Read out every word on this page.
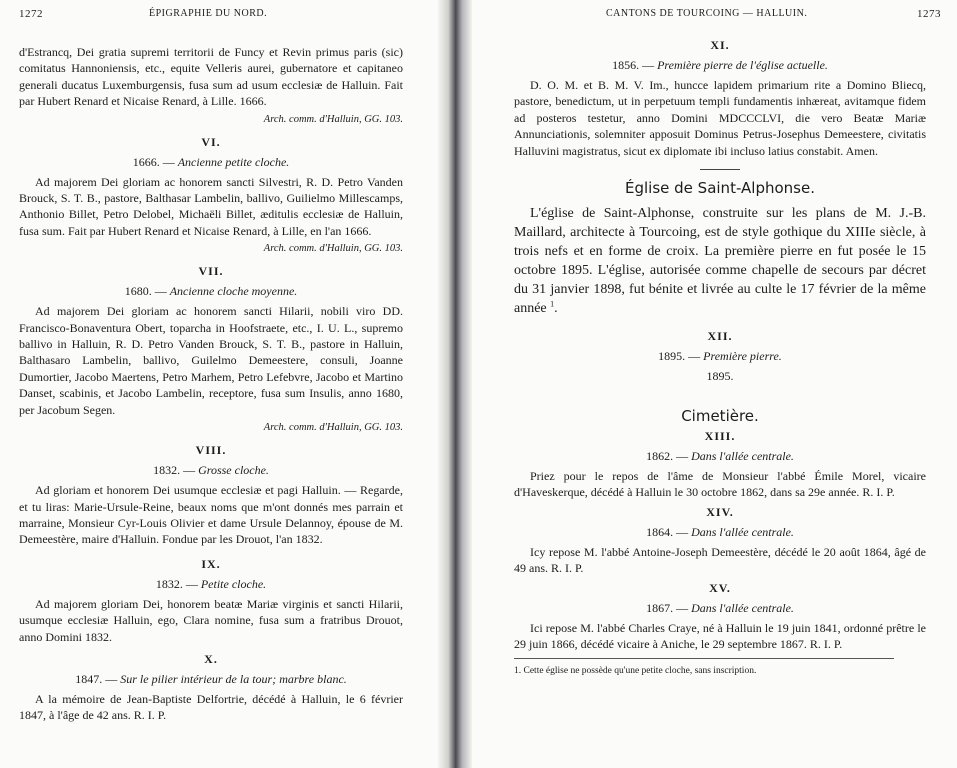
1272	ÉPIGRAPHIE DU NORD.

d'Estrancq, Dei gratia supremi territorii de Funcy et Revin primus paris (sic) comitatus Hannoniensis, etc., equite Velleris aurei, gubernatore et capitaneo generali ducatus Luxemburgensis, fusa sum ad usum ecclesiæ de Halluin. Fait par Hubert Renard et Nicaise Renard, à Lille. 1666.

Arch. comm. d'Halluin, GG. 103.
VI.
1666. — Ancienne petite cloche.

Ad majorem Dei gloriam ac honorem sancti Silvestri, R. D. Petro Vanden Brouck, S. T. B., pastore, Balthasar Lambelin, ballivo, Guilielmo Millescamps, Anthonio Billet, Petro Delobel, Michaëli Billet, æditulis ecclesiæ de Halluin, fusa sum. Fait par Hubert Renard et Nicaise Renard, à Lille, en l'an 1666.

Arch. comm. d'Halluin, GG. 103.
VII.
1680. — Ancienne cloche moyenne.

Ad majorem Dei gloriam ac honorem sancti Hilarii, nobili viro DD. Francisco-Bonaventura Obert, toparcha in Hoofstraete, etc., I. U. L., supremo ballivo in Halluin, R. D. Petro Vanden Brouck, S. T. B., pastore in Halluin, Balthasaro Lambelin, ballivo, Guilelmo Demeestere, consuli, Joanne Dumortier, Jacobo Maertens, Petro Marhem, Petro Lefebvre, Jacobo et Martino Danset, scabinis, et Jacobo Lambelin, receptore, fusa sum Insulis, anno 1680, per Jacobum Segen.

Arch. comm. d'Halluin, GG. 103.
VIII.
1832. — Grosse cloche.

Ad gloriam et honorem Dei usumque ecclesiæ et pagi Halluin. — Regarde, et tu liras: Marie-Ursule-Reine, beaux noms que m'ont donnés mes parrain et marraine, Monsieur Cyr-Louis Olivier et dame Ursule Delannoy, épouse de M. Demeestère, maire d'Halluin. Fondue par les Drouot, l'an 1832.

IX.
1832. — Petite cloche.

Ad majorem gloriam Dei, honorem beatæ Mariæ virginis et sancti Hilarii, usumque ecclesiæ Halluin, ego, Clara nomine, fusa sum a fratribus Drouot, anno Domini 1832.

X.
1847. — Sur le pilier intérieur de la tour; marbre blanc.

A la mémoire de Jean-Baptiste Delfortrie, décédé à Halluin, le 6 février 1847, à l'âge de 42 ans. R. I. P.

CANTONS DE TOURCOING — HALLUIN.	1273
XI.
1856. — Première pierre de l'église actuelle.

D. O. M. et B. M. V. Im., huncce lapidem primarium rite a Domino Bliecq, pastore, benedictum, ut in perpetuum templi fundamentis inhæreat, avitamque fidem ad posteros testetur, anno Domini MDCCCLVI, die vero Beatæ Mariæ Annunciationis, solemniter apposuit Dominus Petrus-Josephus Demeestere, civitatis Halluvini magistratus, sicut ex diplomate ibi incluso latius constabit. Amen.

Église de Saint-Alphonse.

L'église de Saint-Alphonse, construite sur les plans de M. J.-B. Maillard, architecte à Tourcoing, est de style gothique du XIIIe siècle, à trois nefs et en forme de croix. La première pierre en fut posée le 15 octobre 1895. L'église, autorisée comme chapelle de secours par décret du 31 janvier 1898, fut bénite et livrée au culte le 17 février de la même année $^1$.

XII.
1895. — Première pierre.
1895.
Cimetière.
XIII.
1862. — Dans l'allée centrale.

Priez pour le repos de l'âme de Monsieur l'abbé Émile Morel, vicaire d'Haveskerque, décédé à Halluin le 30 octobre 1862, dans sa 29e année. R. I. P.

XIV.
1864. — Dans l'allée centrale.

Icy repose M. l'abbé Antoine-Joseph Demeestère, décédé le 20 août 1864, âgé de 49 ans. R. I. P.

XV.
1867. — Dans l'allée centrale.

Ici repose M. l'abbé Charles Craye, né à Halluin le 19 juin 1841, ordonné prêtre le 29 juin 1866, décédé vicaire à Aniche, le 29 septembre 1867. R. I. P.

1. Cette église ne possède qu'une petite cloche, sans inscription.
